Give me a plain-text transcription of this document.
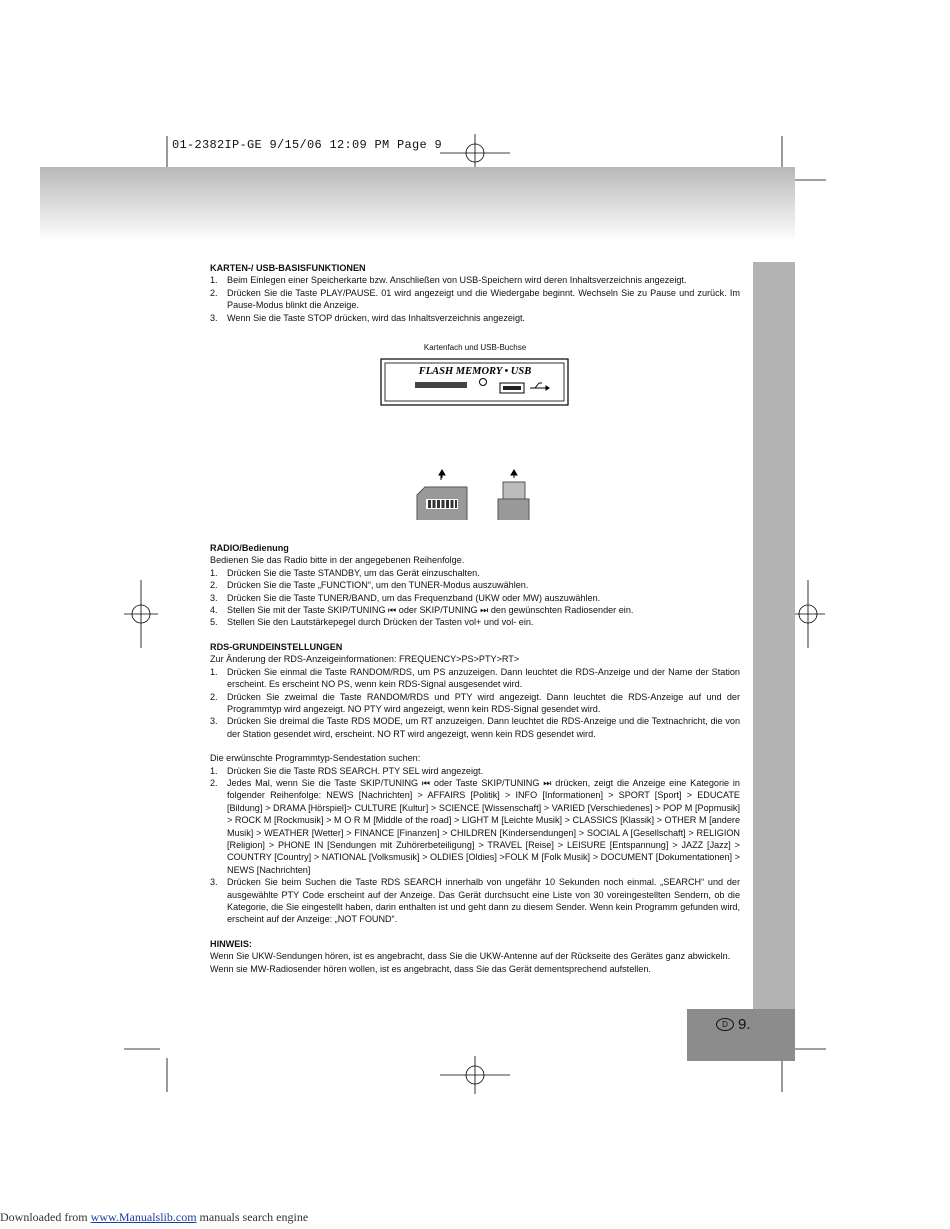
01-2382IP-GE 9/15/06 12:09 PM Page 9
D 9.
KARTEN-/ USB-BASISFUNKTIONEN
1.	Beim Einlegen einer Speicherkarte bzw. Anschließen von USB-Speichern wird deren Inhaltsverzeichnis angezeigt.
2.	Drücken Sie die Taste PLAY/PAUSE. 01 wird angezeigt und die Wiedergabe beginnt. Wechseln Sie zu Pause und zurück. Im Pause-Modus blinkt die Anzeige.
3.	Wenn Sie die Taste STOP drücken, wird das Inhaltsverzeichnis angezeigt.
Kartenfach und USB-Buchse
FLASH MEMORY • USB
RADIO/Bedienung

Bedienen Sie das Radio bitte in der angegebenen Reihenfolge.

1.	Drücken Sie die Taste STANDBY, um das Gerät einzuschalten.
2.	Drücken Sie die Taste „FUNCTION“, um den TUNER-Modus auszuwählen.
3.	Drücken Sie die Taste TUNER/BAND, um das Frequenzband (UKW oder MW) auszuwählen.
4.	Stellen Sie mit der Taste SKIP/TUNING ⏮ oder SKIP/TUNING ⏭ den gewünschten Radiosender ein.
5.	Stellen Sie den Lautstärkepegel durch Drücken der Tasten vol+ und vol- ein.
RDS-GRUNDEINSTELLUNGEN

Zur Änderung der RDS-Anzeigeinformationen: FREQUENCY>PS>PTY>RT>

1.	Drücken Sie einmal die Taste RANDOM/RDS, um PS anzuzeigen. Dann leuchtet die RDS-Anzeige und der Name der Station erscheint. Es erscheint NO PS, wenn kein RDS-Signal ausgesendet wird.
2.	Drücken Sie zweimal die Taste RANDOM/RDS und PTY wird angezeigt. Dann leuchtet die RDS-Anzeige auf und der Programmtyp wird angezeigt. NO PTY wird angezeigt, wenn kein RDS-Signal gesendet wird.
3.	Drücken Sie dreimal die Taste RDS MODE, um RT anzuzeigen. Dann leuchtet die RDS-Anzeige und die Textnachricht, die von der Station gesendet wird, erscheint. NO RT wird angezeigt, wenn kein RDS gesendet wird.

Die erwünschte Programmtyp-Sendestation suchen:

1.	Drücken Sie die Taste RDS SEARCH. PTY SEL wird angezeigt.
2.	Jedes Mal, wenn Sie die Taste SKIP/TUNING ⏮ oder Taste SKIP/TUNING ⏭ drücken, zeigt die Anzeige eine Kategorie in folgender Reihenfolge: NEWS [Nachrichten] > AFFAIRS [Politik] > INFO [Informationen] > SPORT [Sport] > EDUCATE [Bildung] > DRAMA [Hörspiel]> CULTURE [Kultur] > SCIENCE [Wissenschaft] > VARIED [Verschiedenes] > POP M [Popmusik] > ROCK M [Rockmusik] > M O R M [Middle of the road] > LIGHT M [Leichte Musik] > CLASSICS [Klassik] > OTHER M [andere Musik] > WEATHER [Wetter] > FINANCE [Finanzen] > CHILDREN [Kindersendungen] > SOCIAL A [Gesellschaft] > RELIGION [Religion] > PHONE IN [Sendungen mit Zuhörerbeteiligung] > TRAVEL [Reise] > LEISURE [Entspannung] > JAZZ [Jazz] > COUNTRY [Country] > NATIONAL [Volksmusik] > OLDIES [Oldies] >FOLK M [Folk Musik] > DOCUMENT [Dokumentationen] > NEWS [Nachrichten]
3.	Drücken Sie beim Suchen die Taste RDS SEARCH innerhalb von ungefähr 10 Sekunden noch einmal. „SEARCH“ und der ausgewählte PTY Code erscheint auf der Anzeige. Das Gerät durchsucht eine Liste von 30 voreingestellten Sendern, ob die Kategorie, die Sie eingestellt haben, darin enthalten ist und geht dann zu diesem Sender. Wenn kein Programm gefunden wird, erscheint auf der Anzeige: „NOT FOUND“.
HINWEIS:

Wenn Sie UKW-Sendungen hören, ist es angebracht, dass Sie die UKW-Antenne auf der Rückseite des Gerätes ganz abwickeln.

Wenn sie MW-Radiosender hören wollen, ist es angebracht, dass Sie das Gerät dementsprechend aufstellen.

Downloaded from www.Manualslib.com manuals search engine
